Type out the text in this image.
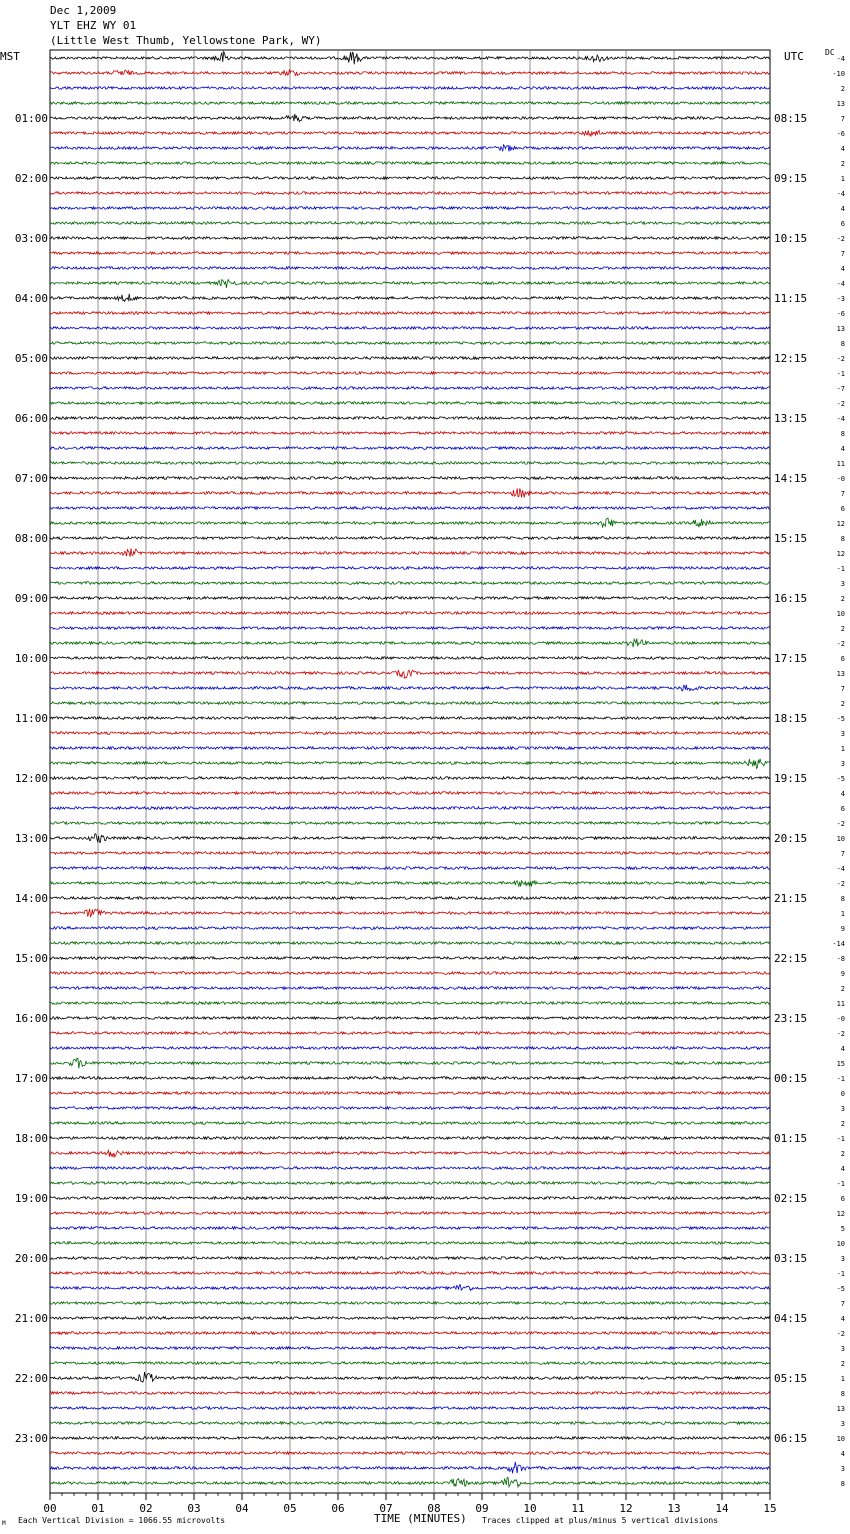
Dec 1,2009
YLT EHZ WY 01
(Little West Thumb, Yellowstone Park, WY)
MST	UTC	DC
00	01	02	03	04	05	06	07	08	09	10	11	12	13	14	15
-4
-10
2
13
7
01:00	08:15
-6
4
2
1
02:00	09:15
-4
4
6
-2
03:00	10:15
7
4
-4
-3
04:00	11:15
-6
13
8
-2
05:00	12:15
-1
-7
-2
-4
06:00	13:15
8
4
11
-0
07:00	14:15
7
6
12
8
08:00	15:15
12
-1
3
2
09:00	16:15
10
2
-2
6
10:00	17:15
13
7
2
-5
11:00	18:15
3
1
3
-5
12:00	19:15
4
6
-2
10
13:00	20:15
7
-4
-2
8
14:00	21:15
1
9
-14
-8
15:00	22:15
9
2
11
-0
16:00	23:15
-2
4
15
-1
17:00	00:15
0
3
2
-1
18:00	01:15
2
4
-1
6
19:00	02:15
12
5
10
3
20:00	03:15
-1
-5
7
4
21:00	04:15
-2
3
2
1
22:00	05:15
8
13
3
10
23:00	06:15
4
3
8
TIME (MINUTES)
Each Vertical Division = 1066.55 microvolts	Traces clipped at plus/minus 5 vertical divisions
M
